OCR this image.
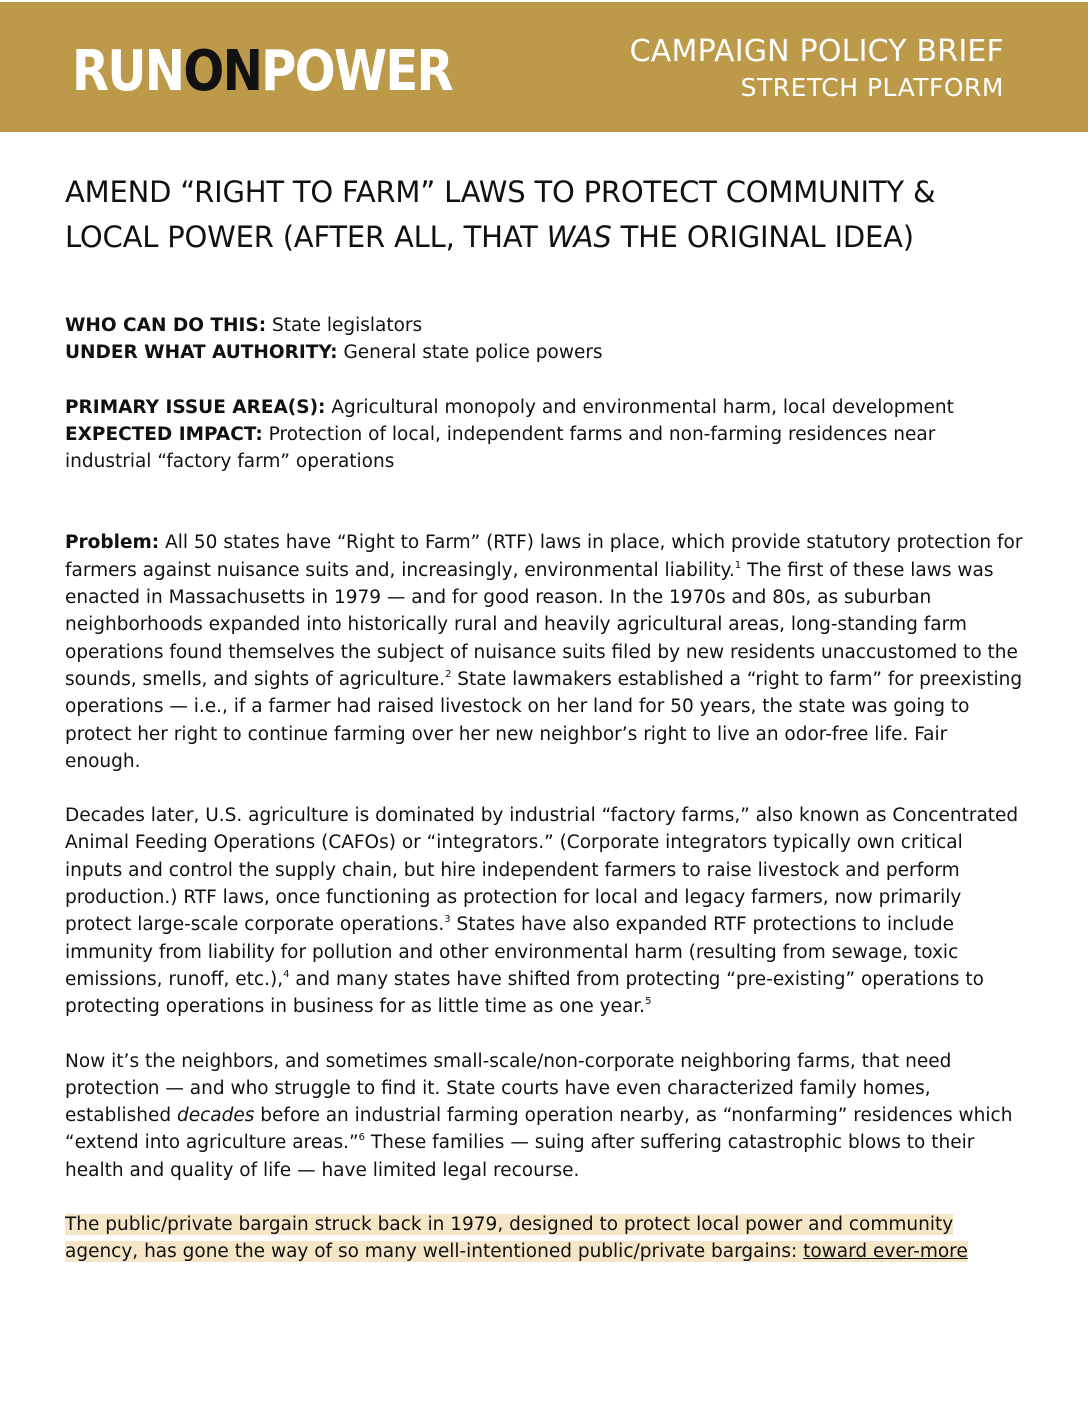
RUNONPOWER	CAMPAIGN POLICY BRIEF
STRETCH PLATFORM
AMEND “RIGHT TO FARM” LAWS TO PROTECT COMMUNITY & LOCAL POWER (AFTER ALL, THAT WAS THE ORIGINAL IDEA)

WHO CAN DO THIS: State legislators

UNDER WHAT AUTHORITY: General state police powers

PRIMARY ISSUE AREA(S): Agricultural monopoly and environmental harm, local development

EXPECTED IMPACT: Protection of local, independent farms and non-farming residences near industrial “factory farm” operations

Problem: All 50 states have “Right to Farm” (RTF) laws in place, which provide statutory protection for farmers against nuisance suits and, increasingly, environmental liability.$^1$ The first of these laws was enacted in Massachusetts in 1979 — and for good reason. In the 1970s and 80s, as suburban neighborhoods expanded into historically rural and heavily agricultural areas, long-standing farm operations found themselves the subject of nuisance suits filed by new residents unaccustomed to the sounds, smells, and sights of agriculture.$^2$ State lawmakers established a “right to farm” for preexisting operations — i.e., if a farmer had raised livestock on her land for 50 years, the state was going to protect her right to continue farming over her new neighbor’s right to live an odor-free life. Fair enough.

Decades later, U.S. agriculture is dominated by industrial “factory farms,” also known as Concentrated Animal Feeding Operations (CAFOs) or “integrators.” (Corporate integrators typically own critical inputs and control the supply chain, but hire independent farmers to raise livestock and perform production.) RTF laws, once functioning as protection for local and legacy farmers, now primarily protect large-scale corporate operations.$^3$ States have also expanded RTF protections to include immunity from liability for pollution and other environmental harm (resulting from sewage, toxic emissions, runoff, etc.),$^4$ and many states have shifted from protecting “pre-existing” operations to protecting operations in business for as little time as one year.$^5$

Now it’s the neighbors, and sometimes small-scale/non-corporate neighboring farms, that need protection — and who struggle to find it. State courts have even characterized family homes, established decades before an industrial farming operation nearby, as “nonfarming” residences which “extend into agriculture areas.”$^6$ These families — suing after suffering catastrophic blows to their health and quality of life — have limited legal recourse.

The public/private bargain struck back in 1979, designed to protect local power and community agency, has gone the way of so many well-intentioned public/private bargains: toward ever-more
